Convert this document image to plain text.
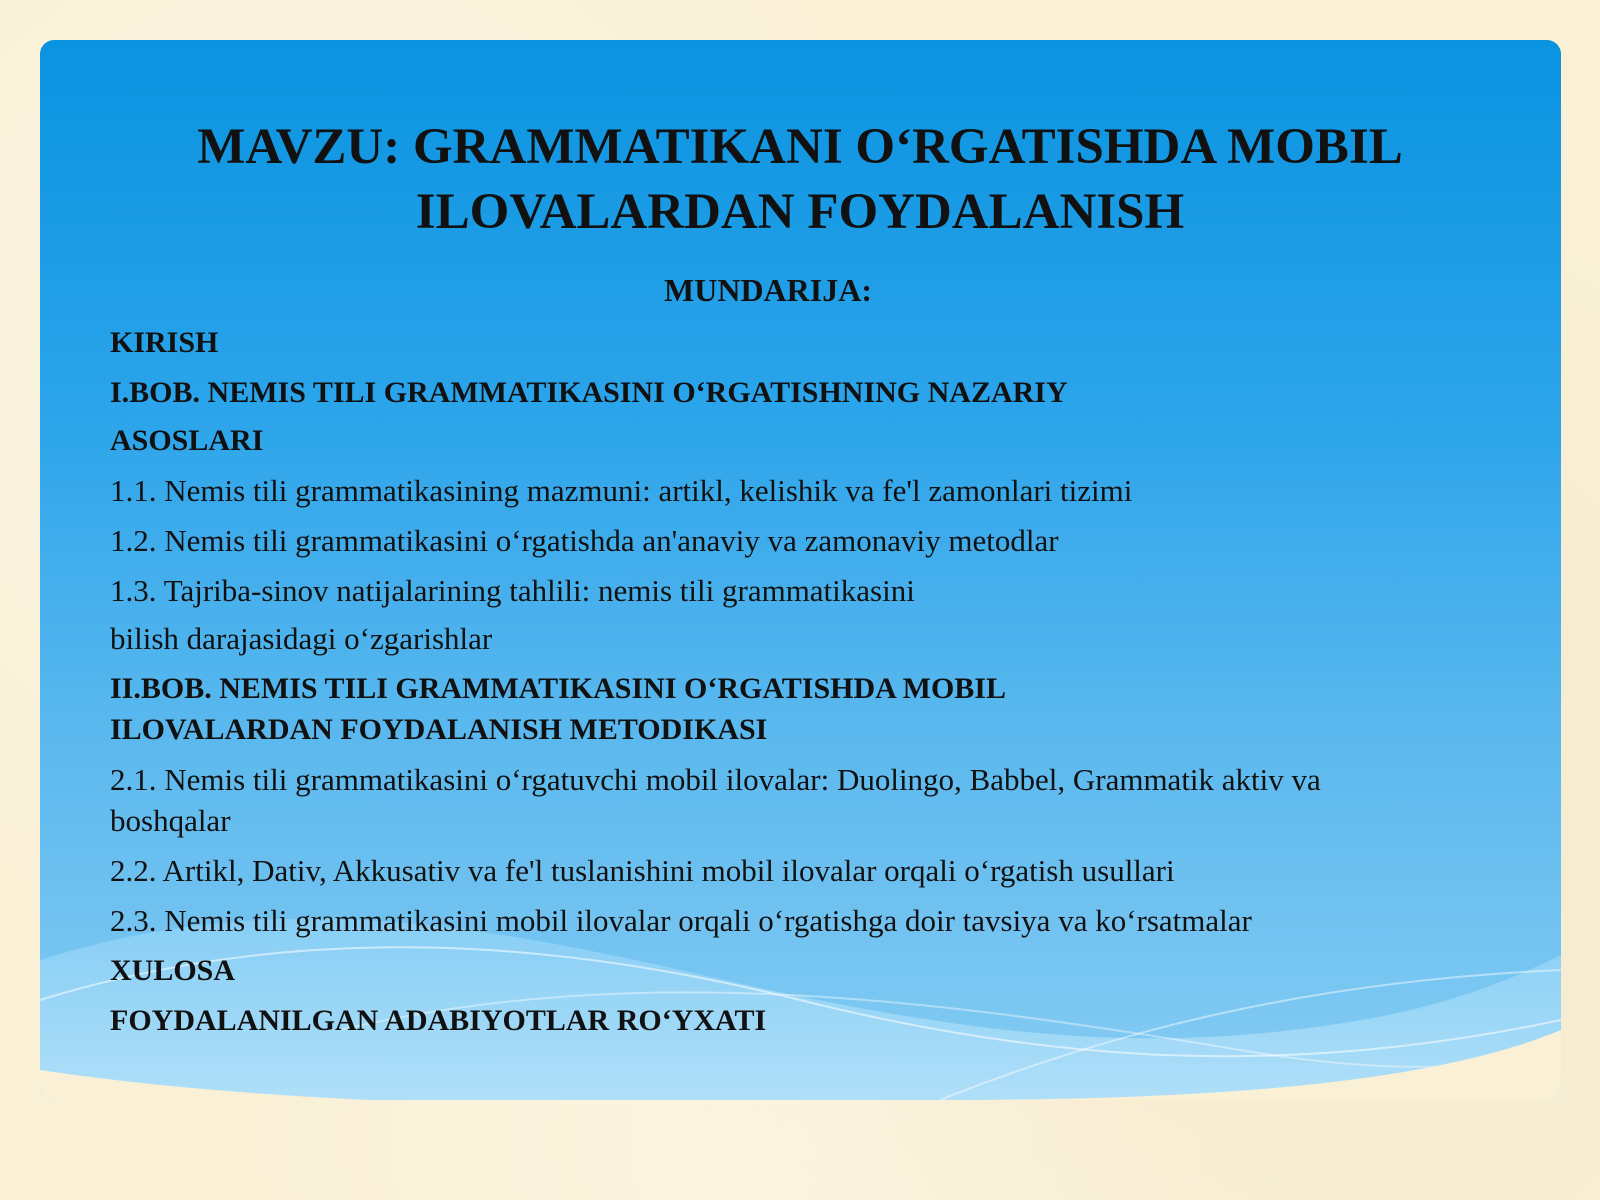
MAVZU: GRAMMATIKANI O‘RGATISHDA MOBIL
ILOVALARDAN FOYDALANISH
MUNDARIJA:
KIRISH
I.BOB. NEMIS TILI GRAMMATIKASINI O‘RGATISHNING NAZARIY
ASOSLARI
1.1. Nemis tili grammatikasining mazmuni: artikl, kelishik va fe'l zamonlari tizimi
1.2. Nemis tili grammatikasini o‘rgatishda an'anaviy va zamonaviy metodlar
1.3. Tajriba-sinov natijalarining tahlili: nemis tili grammatikasini
bilish darajasidagi o‘zgarishlar
II.BOB. NEMIS TILI GRAMMATIKASINI O‘RGATISHDA MOBIL ILOVALARDAN FOYDALANISH METODIKASI
2.1. Nemis tili grammatikasini o‘rgatuvchi mobil ilovalar: Duolingo, Babbel, Grammatik aktiv va boshqalar
2.2. Artikl, Dativ, Akkusativ va fe'l tuslanishini mobil ilovalar orqali o‘rgatish usullari
2.3. Nemis tili grammatikasini mobil ilovalar orqali o‘rgatishga doir tavsiya va ko‘rsatmalar
XULOSA
FOYDALANILGAN ADABIYOTLAR RO‘YXATI
